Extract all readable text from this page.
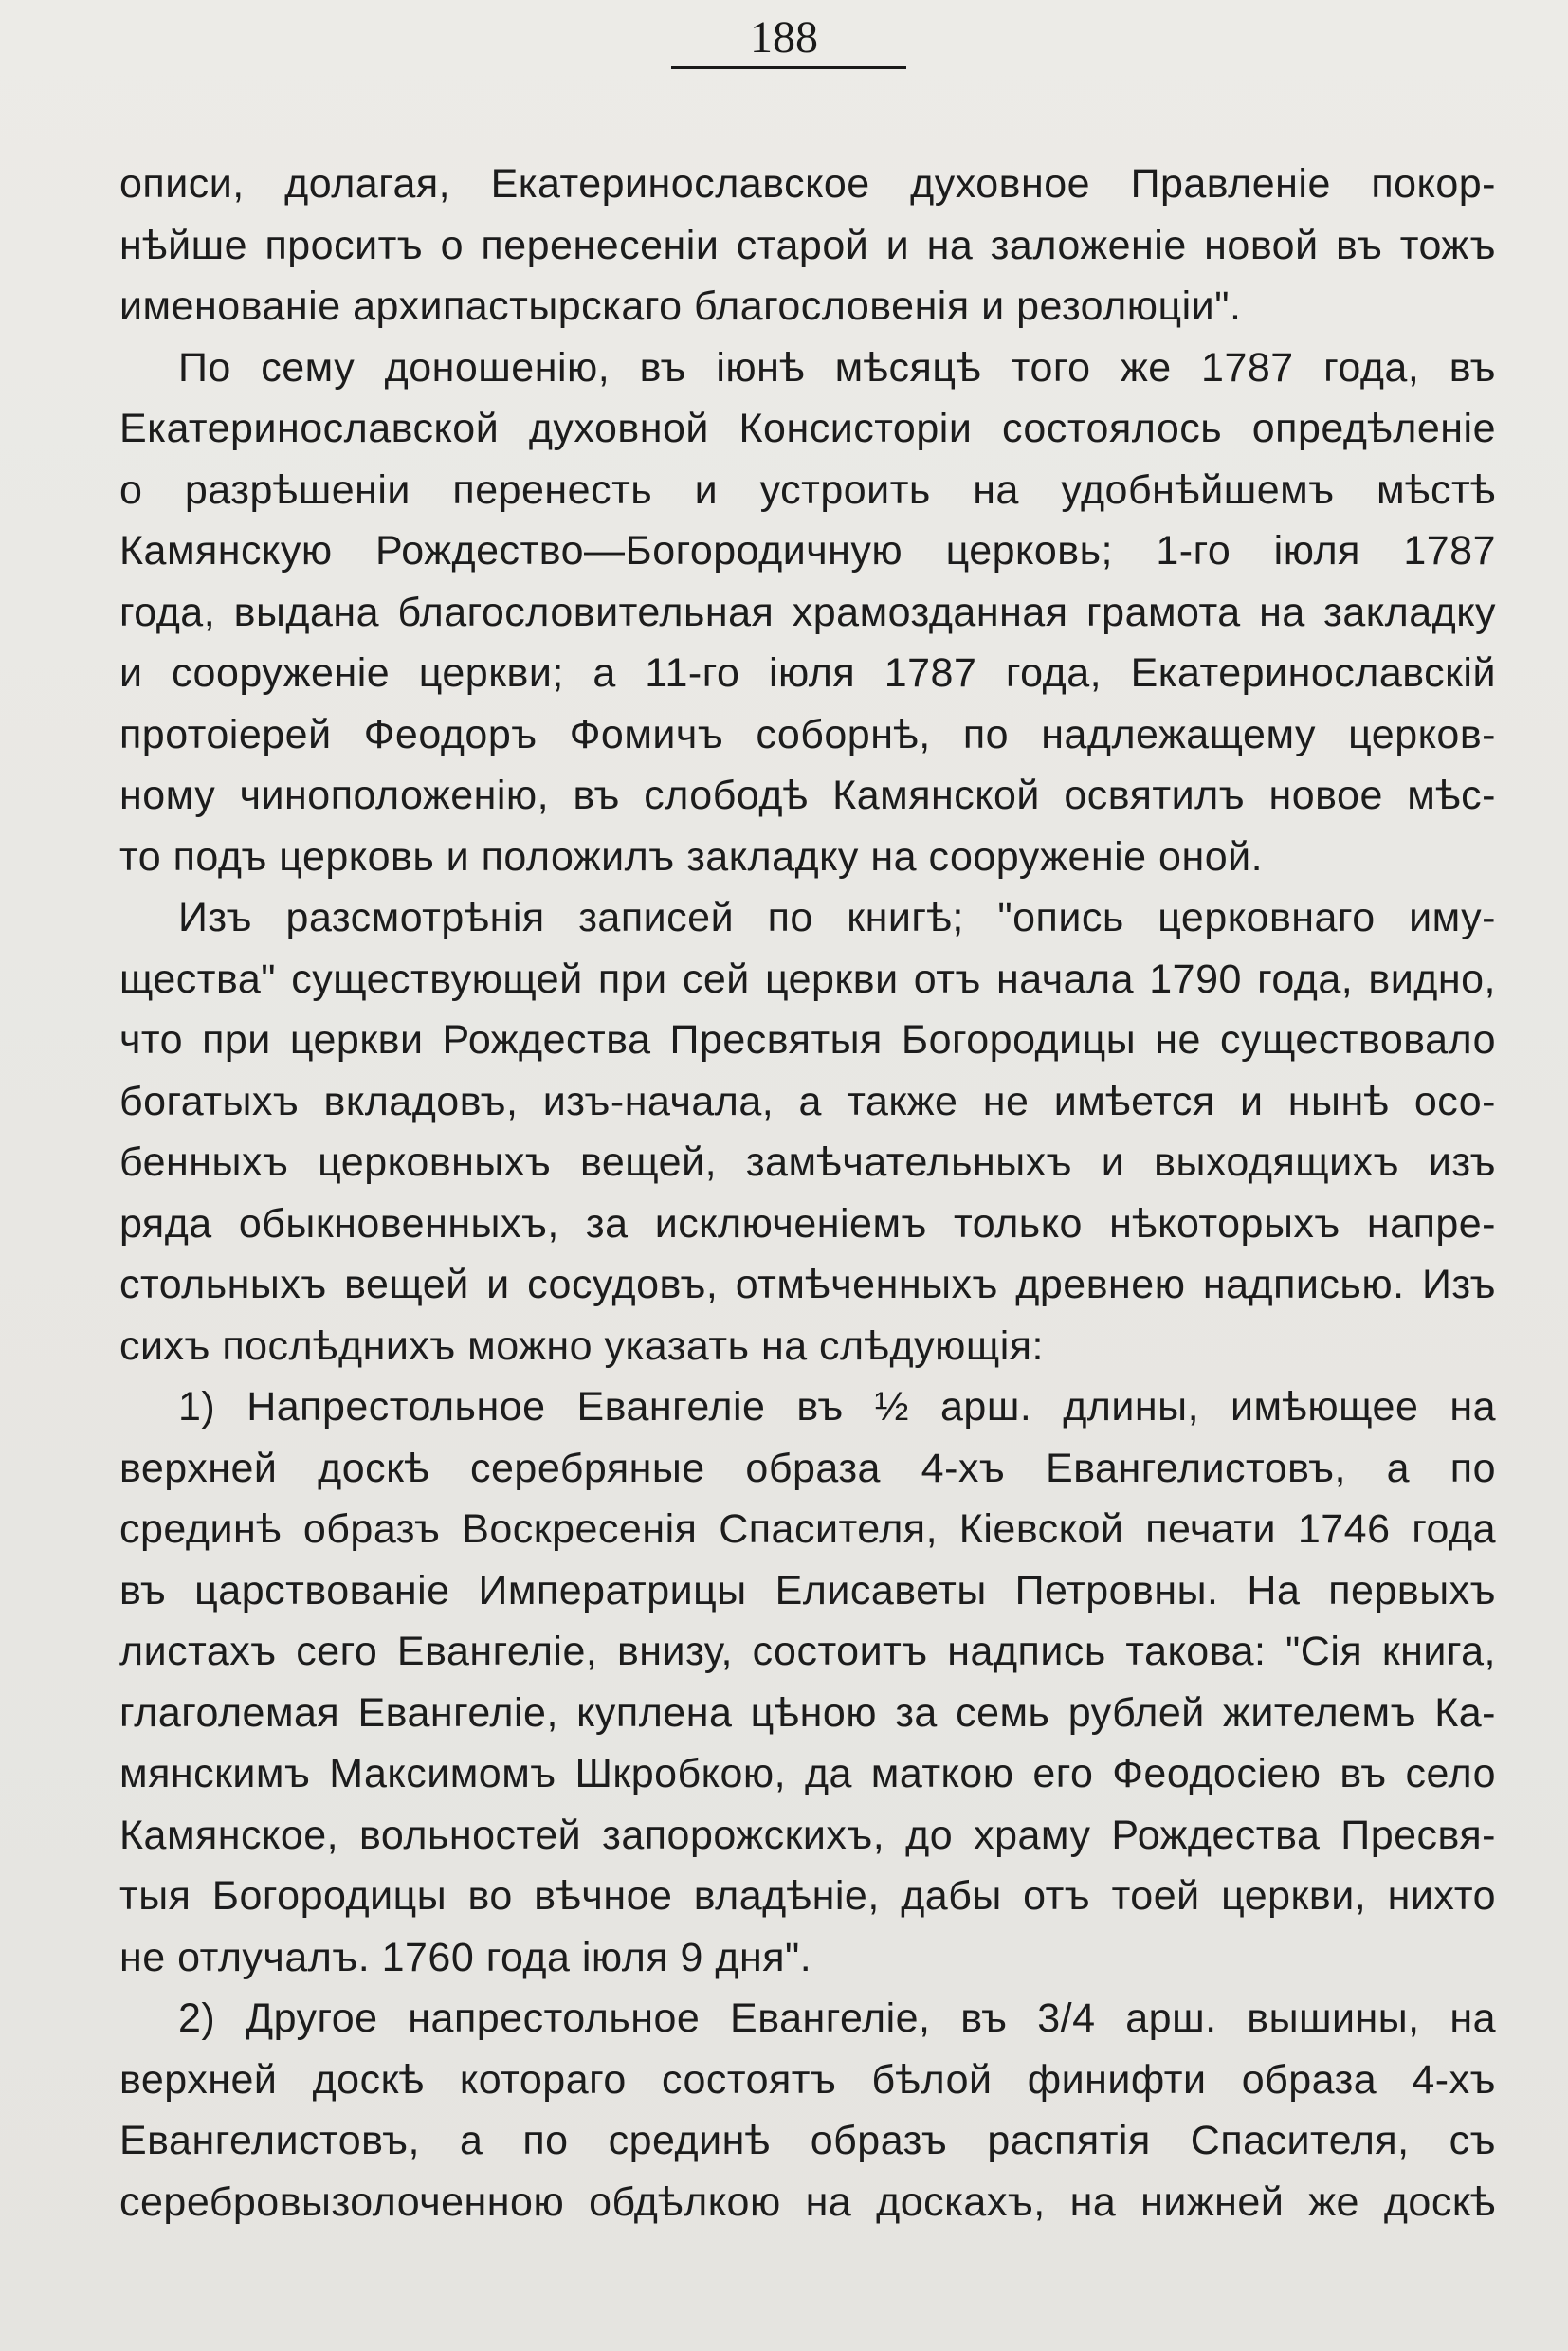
188
описи, долагая, Екатеринославское духовное Правленіе покор-
нѣйше проситъ о перенесеніи старой и на заложеніе новой въ тожъ
именованіе архипастырскаго благословенія и резолюціи".
По сему доношенію, въ іюнѣ мѣсяцѣ того же 1787 года, въ
Екатеринославской духовной Консисторіи состоялось опредѣленіе
о разрѣшеніи перенесть и устроить на удобнѣйшемъ мѣстѣ
Камянскую Рождество—Богородичную церковь; 1-го іюля 1787
года, выдана благословительная храмозданная грамота на закладку
и сооруженіе церкви; а 11-го іюля 1787 года, Екатеринославскій
протоіерей Феодоръ Фомичъ соборнѣ, по надлежащему церков-
ному чиноположенію, въ слободѣ Камянской освятилъ новое мѣс-
то подъ церковь и положилъ закладку на сооруженіе оной.
Изъ разсмотрѣнія записей по книгѣ; "опись церковнаго иму-
щества" существующей при сей церкви отъ начала 1790 года, видно,
что при церкви Рождества Пресвятыя Богородицы не существовало
богатыхъ вкладовъ, изъ-начала, а также не имѣется и нынѣ осо-
бенныхъ церковныхъ вещей, замѣчательныхъ и выходящихъ изъ
ряда обыкновенныхъ, за исключеніемъ только нѣкоторыхъ напре-
стольныхъ вещей и сосудовъ, отмѣченныхъ древнею надписью. Изъ
сихъ послѣднихъ можно указать на слѣдующія:
1) Напрестольное Евангеліе въ ½ арш. длины, имѣющее на
верхней доскѣ серебряные образа 4-хъ Евангелистовъ, а по
срединѣ образъ Воскресенія Спасителя, Кіевской печати 1746 года
въ царствованіе Императрицы Елисаветы Петровны. На первыхъ
листахъ сего Евангеліе, внизу, состоитъ надпись такова: "Сія книга,
глаголемая Евангеліе, куплена цѣною за семь рублей жителемъ Ка-
мянскимъ Максимомъ Шкробкою, да маткою его Феодосіею въ село
Камянское, вольностей запорожскихъ, до храму Рождества Пресвя-
тыя Богородицы во вѣчное владѣніе, дабы отъ тоей церкви, нихто
не отлучалъ. 1760 года іюля 9 дня".
2) Другое напрестольное Евангеліе, въ 3/4 арш. вышины, на
верхней доскѣ котораго состоятъ бѣлой финифти образа 4-хъ
Евангелистовъ, а по срединѣ образъ распятія Спасителя, съ
серебровызолоченною обдѣлкою на доскахъ, на нижней же доскѣ
